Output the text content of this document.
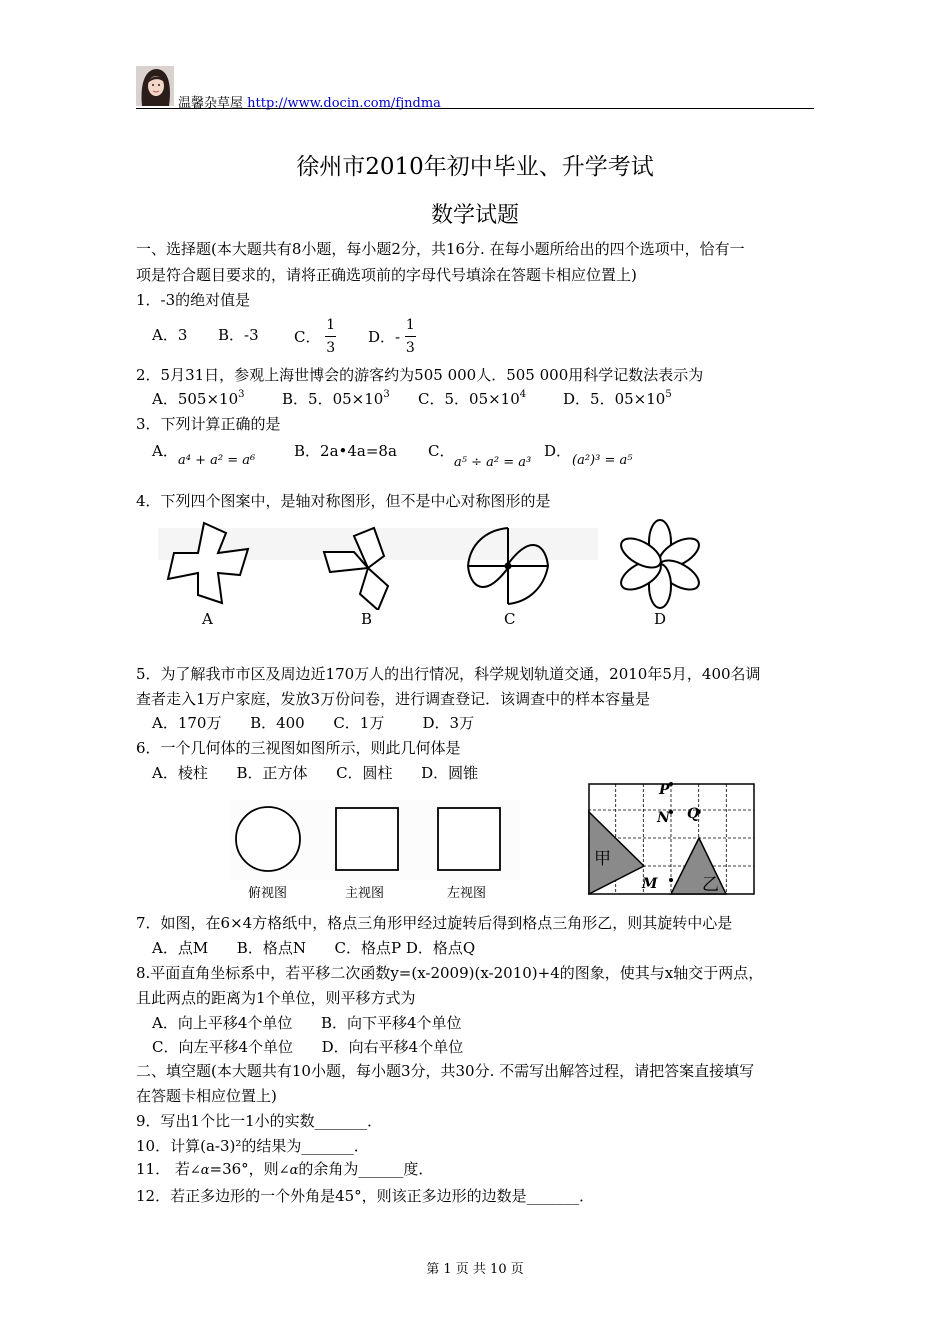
温馨杂草屋 http://www.docin.com/fjndma
徐州市2010年初中毕业、升学考试
数学试题
一、选择题(本大题共有8小题，每小题2分，共16分. 在每小题所给出的四个选项中，恰有一
项是符合题目要求的，请将正确选项前的字母代号填涂在答题卡相应位置上)
1．-3的绝对值是
A．3 B．-3 C． $\frac{1}{3}$ D．- $\frac{1}{3}$
2．5月31日，参观上海世博会的游客约为505 000人．505 000用科学记数法表示为
A．$505\times 10^3$	B．5．$05\times 10^3$ C．5．$05\times 10^4$ D．5．$05\times 10^5$
3．下列计算正确的是
A．
a⁴ + a² = a⁶
B．2a•4a=8a C．
a⁵ ÷ a² = a³
D．
(a²)³ = a⁵
4．下列四个图案中，是轴对称图形，但不是中心对称图形的是
A	B	C	D
5．为了解我市市区及周边近170万人的出行情况，科学规划轨道交通，2010年5月，400名调
查者走入1万户家庭，发放3万份问卷，进行调查登记．该调查中的样本容量是
A．170万      B．400      C．1万        D．3万
6．一个几何体的三视图如图所示，则此几何体是
A．棱柱      B．正方体      C．圆柱      D．圆锥
俯视图	主视图	左视图
P
N Q
M
甲
乙
7．如图，在6×4方格纸中，格点三角形甲经过旋转后得到格点三角形乙，则其旋转中心是
A．点M      B．格点N      C．格点P D．格点Q
8.平面直角坐标系中，若平移二次函数y=(x-2009)(x-2010)+4的图象，使其与x轴交于两点，
且此两点的距离为1个单位，则平移方式为
A．向上平移4个单位      B．向下平移4个单位
C．向左平移4个单位      D．向右平移4个单位
二、填空题(本大题共有10小题，每小题3分，共30分. 不需写出解答过程，请把答案直接填写
在答题卡相应位置上)
9．写出1个比一1小的实数_______．
10．计算(a-3)²的结果为_______．
11． 若∠α=36°，则∠α的余角为______度．
12．若正多边形的一个外角是45°，则该正多边形的边数是_______．
第 1 页 共 10 页
